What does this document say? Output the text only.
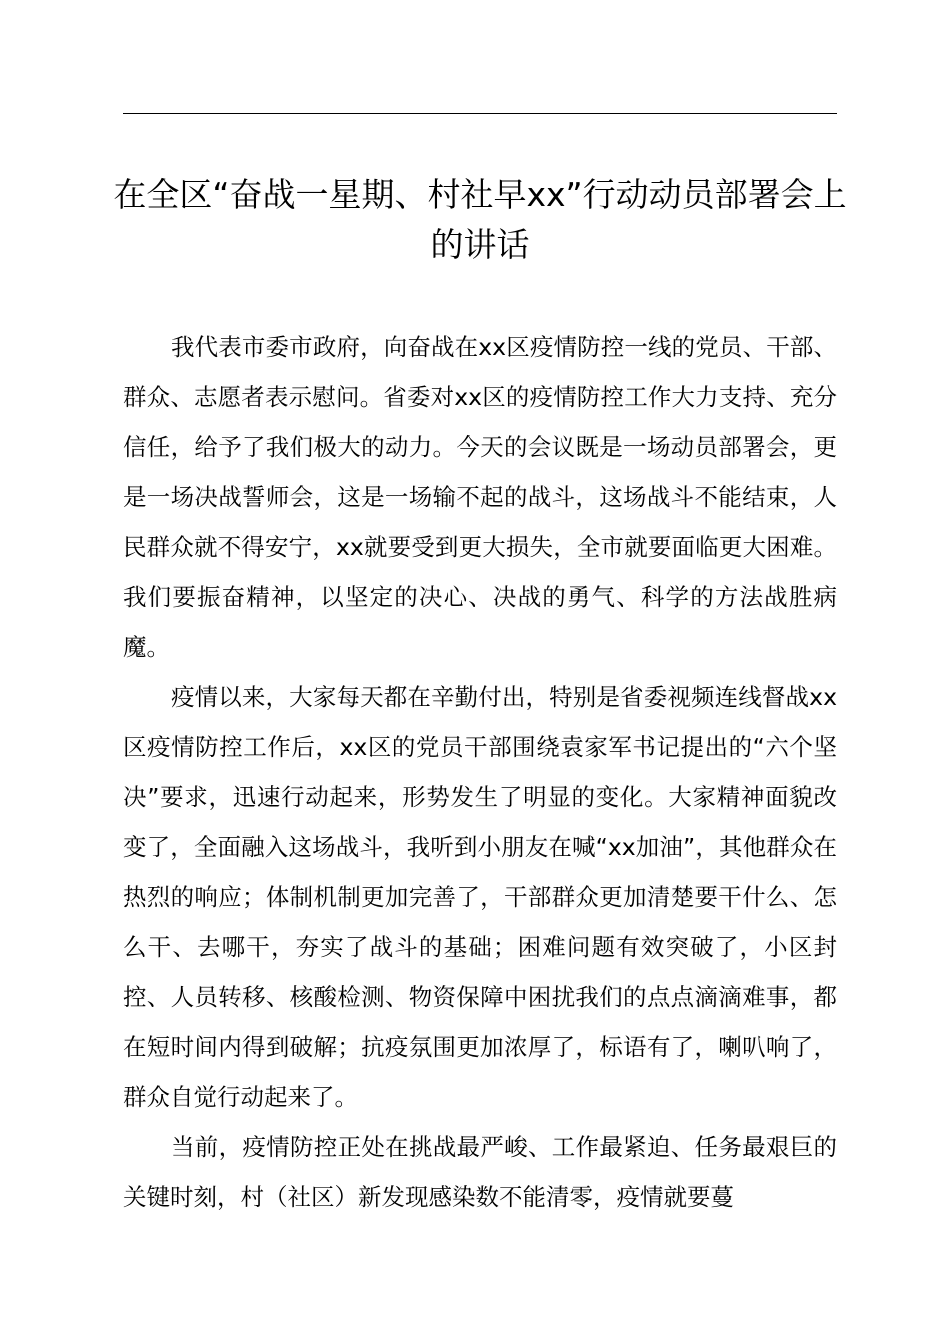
在全区“奋战一星期、村社早xx”行动动员部署会上的讲话

我代表市委市政府，向奋战在xx区疫情防控一线的党员、干部、群众、志愿者表示慰问。省委对xx区的疫情防控工作大力支持、充分信任，给予了我们极大的动力。今天的会议既是一场动员部署会，更是一场决战誓师会，这是一场输不起的战斗，这场战斗不能结束，人民群众就不得安宁，xx就要受到更大损失，全市就要面临更大困难。我们要振奋精神，以坚定的决心、决战的勇气、科学的方法战胜病魔。

疫情以来，大家每天都在辛勤付出，特别是省委视频连线督战xx区疫情防控工作后，xx区的党员干部围绕袁家军书记提出的“六个坚决”要求，迅速行动起来，形势发生了明显的变化。大家精神面貌改变了，全面融入这场战斗，我听到小朋友在喊“xx加油”，其他群众在热烈的响应；体制机制更加完善了，干部群众更加清楚要干什么、怎么干、去哪干，夯实了战斗的基础；困难问题有效突破了，小区封控、人员转移、核酸检测、物资保障中困扰我们的点点滴滴难事，都在短时间内得到破解；抗疫氛围更加浓厚了，标语有了，喇叭响了，群众自觉行动起来了。

当前，疫情防控正处在挑战最严峻、工作最紧迫、任务最艰巨的关键时刻，村（社区）新发现感染数不能清零，疫情就要蔓
